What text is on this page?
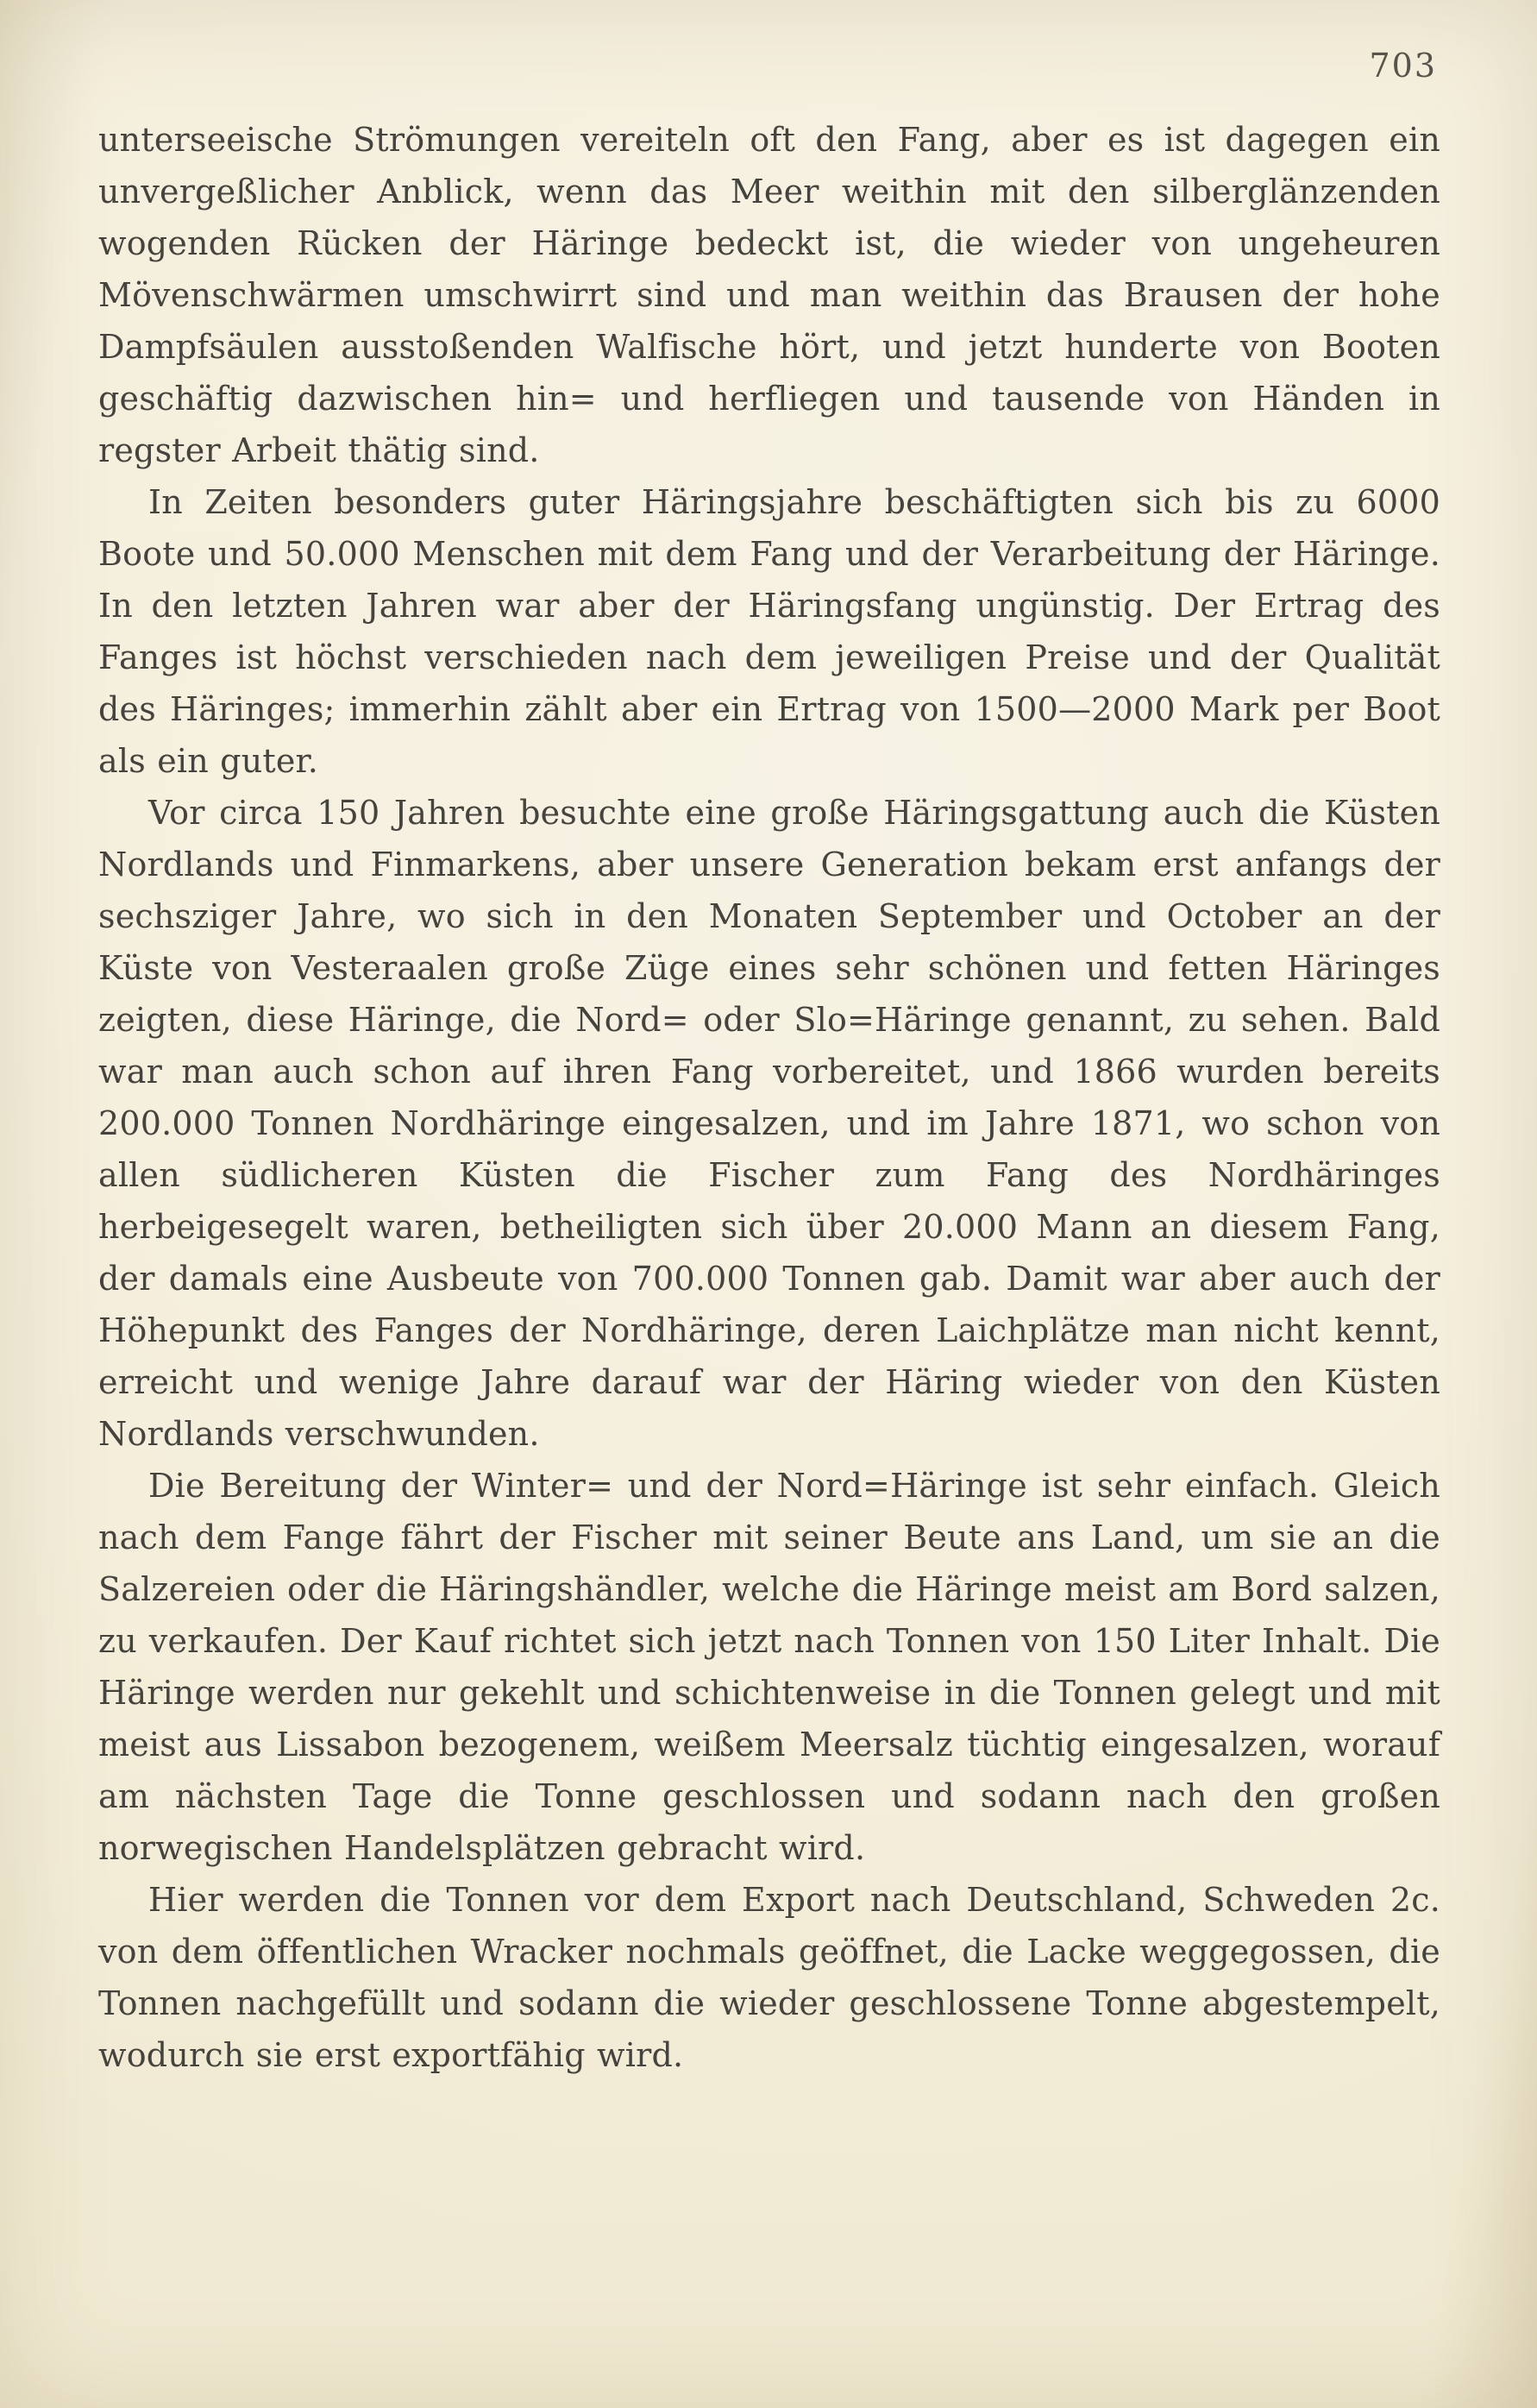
703

unterseeische Strömungen vereiteln oft den Fang, aber es ist dagegen ein unvergeßlicher Anblick, wenn das Meer weithin mit den silberglänzenden wogenden Rücken der Häringe bedeckt ist, die wieder von ungeheuren Mövenschwärmen umschwirrt sind und man weithin das Brausen der hohe Dampfsäulen ausstoßenden Walfische hört, und jetzt hunderte von Booten geschäftig dazwischen hin= und herfliegen und tausende von Händen in regster Arbeit thätig sind.

In Zeiten besonders guter Häringsjahre beschäftigten sich bis zu 6000 Boote und 50.000 Menschen mit dem Fang und der Verarbeitung der Häringe. In den letzten Jahren war aber der Häringsfang ungünstig. Der Ertrag des Fanges ist höchst verschieden nach dem jeweiligen Preise und der Qualität des Häringes; immerhin zählt aber ein Ertrag von 1500—2000 Mark per Boot als ein guter.

Vor circa 150 Jahren besuchte eine große Häringsgattung auch die Küsten Nordlands und Finmarkens, aber unsere Generation bekam erst anfangs der sechsziger Jahre, wo sich in den Monaten September und October an der Küste von Vesteraalen große Züge eines sehr schönen und fetten Häringes zeigten, diese Häringe, die Nord= oder Slo=Häringe genannt, zu sehen. Bald war man auch schon auf ihren Fang vorbereitet, und 1866 wurden bereits 200.000 Tonnen Nordhäringe eingesalzen, und im Jahre 1871, wo schon von allen südlicheren Küsten die Fischer zum Fang des Nordhäringes herbeigesegelt waren, betheiligten sich über 20.000 Mann an diesem Fang, der damals eine Ausbeute von 700.000 Tonnen gab. Damit war aber auch der Höhepunkt des Fanges der Nordhäringe, deren Laichplätze man nicht kennt, erreicht und wenige Jahre darauf war der Häring wieder von den Küsten Nordlands verschwunden.

Die Bereitung der Winter= und der Nord=Häringe ist sehr einfach. Gleich nach dem Fange fährt der Fischer mit seiner Beute ans Land, um sie an die Salzereien oder die Häringshändler, welche die Häringe meist am Bord salzen, zu verkaufen. Der Kauf richtet sich jetzt nach Tonnen von 150 Liter Inhalt. Die Häringe werden nur gekehlt und schichtenweise in die Tonnen gelegt und mit meist aus Lissabon bezogenem, weißem Meersalz tüchtig eingesalzen, worauf am nächsten Tage die Tonne geschlossen und sodann nach den großen norwegischen Handelsplätzen gebracht wird.

Hier werden die Tonnen vor dem Export nach Deutschland, Schweden 2c. von dem öffentlichen Wracker nochmals geöffnet, die Lacke weggegossen, die Tonnen nachgefüllt und sodann die wieder geschlossene Tonne abgestempelt, wodurch sie erst exportfähig wird.
